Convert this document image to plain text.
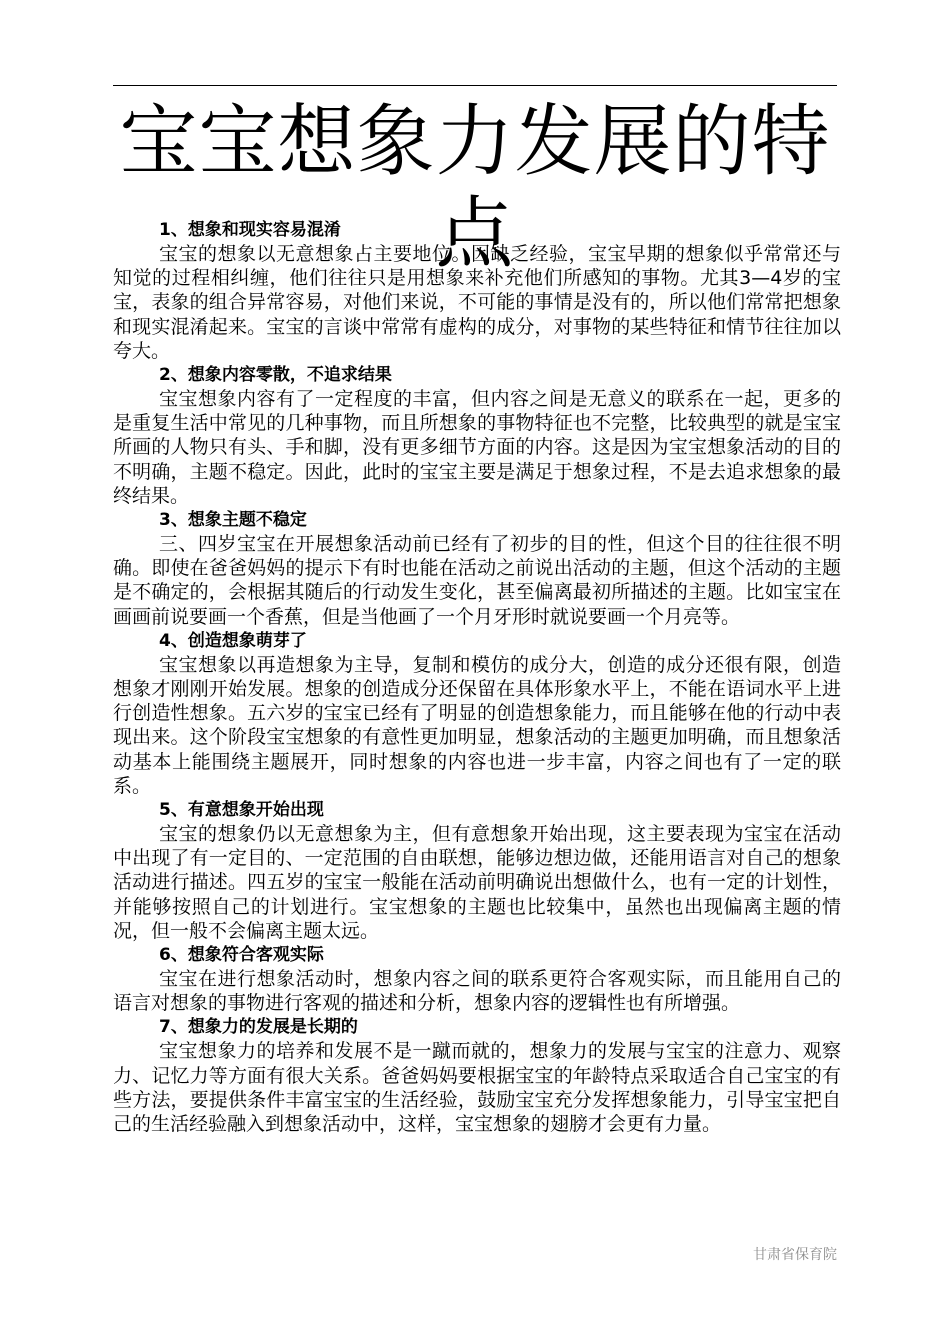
宝宝想象力发展的特点

1、想象和现实容易混淆

宝宝的想象以无意想象占主要地位。因缺乏经验，宝宝早期的想象似乎常常还与知觉的过程相纠缠，他们往往只是用想象来补充他们所感知的事物。尤其3—4岁的宝宝，表象的组合异常容易，对他们来说，不可能的事情是没有的，所以他们常常把想象和现实混淆起来。宝宝的言谈中常常有虚构的成分，对事物的某些特征和情节往往加以夸大。

2、想象内容零散，不追求结果

宝宝想象内容有了一定程度的丰富，但内容之间是无意义的联系在一起，更多的是重复生活中常见的几种事物，而且所想象的事物特征也不完整，比较典型的就是宝宝所画的人物只有头、手和脚，没有更多细节方面的内容。这是因为宝宝想象活动的目的不明确，主题不稳定。因此，此时的宝宝主要是满足于想象过程，不是去追求想象的最终结果。

3、想象主题不稳定

三、四岁宝宝在开展想象活动前已经有了初步的目的性，但这个目的往往很不明确。即使在爸爸妈妈的提示下有时也能在活动之前说出活动的主题，但这个活动的主题是不确定的，会根据其随后的行动发生变化，甚至偏离最初所描述的主题。比如宝宝在画画前说要画一个香蕉，但是当他画了一个月牙形时就说要画一个月亮等。

4、创造想象萌芽了

宝宝想象以再造想象为主导，复制和模仿的成分大，创造的成分还很有限，创造想象才刚刚开始发展。想象的创造成分还保留在具体形象水平上，不能在语词水平上进行创造性想象。五六岁的宝宝已经有了明显的创造想象能力，而且能够在他的行动中表现出来。这个阶段宝宝想象的有意性更加明显，想象活动的主题更加明确，而且想象活动基本上能围绕主题展开，同时想象的内容也进一步丰富，内容之间也有了一定的联系。

5、有意想象开始出现

宝宝的想象仍以无意想象为主，但有意想象开始出现，这主要表现为宝宝在活动中出现了有一定目的、一定范围的自由联想，能够边想边做，还能用语言对自己的想象活动进行描述。四五岁的宝宝一般能在活动前明确说出想做什么，也有一定的计划性，并能够按照自己的计划进行。宝宝想象的主题也比较集中，虽然也出现偏离主题的情况，但一般不会偏离主题太远。

6、想象符合客观实际

宝宝在进行想象活动时，想象内容之间的联系更符合客观实际，而且能用自己的语言对想象的事物进行客观的描述和分析，想象内容的逻辑性也有所增强。

7、想象力的发展是长期的

宝宝想象力的培养和发展不是一蹴而就的，想象力的发展与宝宝的注意力、观察力、记忆力等方面有很大关系。爸爸妈妈要根据宝宝的年龄特点采取适合自己宝宝的有些方法，要提供条件丰富宝宝的生活经验，鼓励宝宝充分发挥想象能力，引导宝宝把自己的生活经验融入到想象活动中，这样，宝宝想象的翅膀才会更有力量。

甘肃省保育院
